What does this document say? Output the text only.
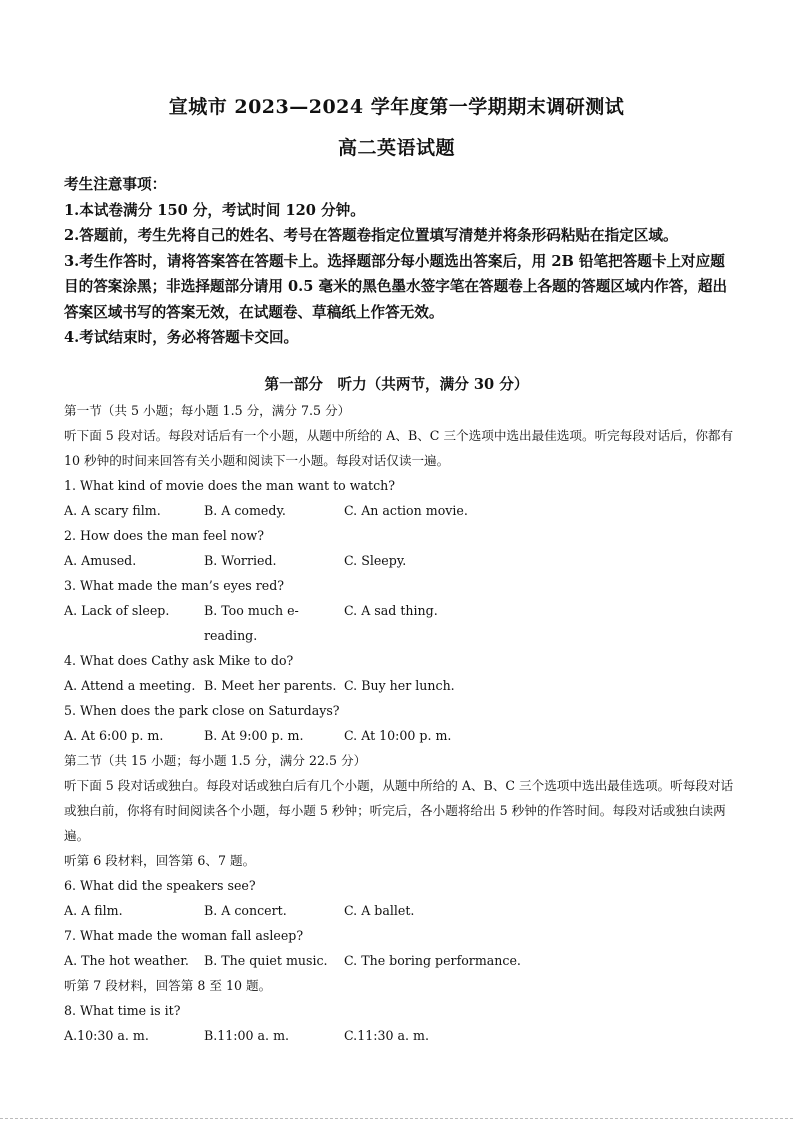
宣城市 2023—2024 学年度第一学期期末调研测试
高二英语试题

考生注意事项：

1.本试卷满分 150 分，考试时间 120 分钟。

2.答题前，考生先将自己的姓名、考号在答题卷指定位置填写清楚并将条形码粘贴在指定区域。

3.考生作答时，请将答案答在答题卡上。选择题部分每小题选出答案后，用 2B 铅笔把答题卡上对应题目的答案涂黑；非选择题部分请用 0.5 毫米的黑色墨水签字笔在答题卷上各题的答题区域内作答，超出答案区域书写的答案无效，在试题卷、草稿纸上作答无效。

4.考试结束时，务必将答题卡交回。

第一部分　听力（共两节，满分 30 分）

第一节（共 5 小题；每小题 1.5 分，满分 7.5 分）

听下面 5 段对话。每段对话后有一个小题，从题中所给的 A、B、C 三个选项中选出最佳选项。听完每段对话后，你都有 10 秒钟的时间来回答有关小题和阅读下一小题。每段对话仅读一遍。

1. What kind of movie does the man want to watch?

A. A scary film.	B. A comedy.	C. An action movie.

2. How does the man feel now?

A. Amused.	B. Worried.	C. Sleepy.

3. What made the man’s eyes red?

A. Lack of sleep.	B. Too much e-reading.
C. A sad thing.

4. What does Cathy ask Mike to do?

A. Attend a meeting. B. Meet her parents. C. Buy her lunch.

5. When does the park close on Saturdays?

A. At 6:00 p. m.	B. At 9:00 p. m.	C. At 10:00 p. m.

第二节（共 15 小题；每小题 1.5 分，满分 22.5 分）

听下面 5 段对话或独白。每段对话或独白后有几个小题，从题中所给的 A、B、C 三个选项中选出最佳选项。听每段对话或独白前，你将有时间阅读各个小题，每小题 5 秒钟；听完后，各小题将给出 5 秒钟的作答时间。每段对话或独白读两遍。

听第 6 段材料，回答第 6、7 题。

6. What did the speakers see?

A. A film.	B. A concert.	C. A ballet.

7. What made the woman fall asleep?

A. The hot weather.	B. The quiet music.	C. The boring performance.

听第 7 段材料，回答第 8 至 10 题。

8. What time is it?

A.10:30 a. m.	B.11:00 a. m.	C.11:30 a. m.
